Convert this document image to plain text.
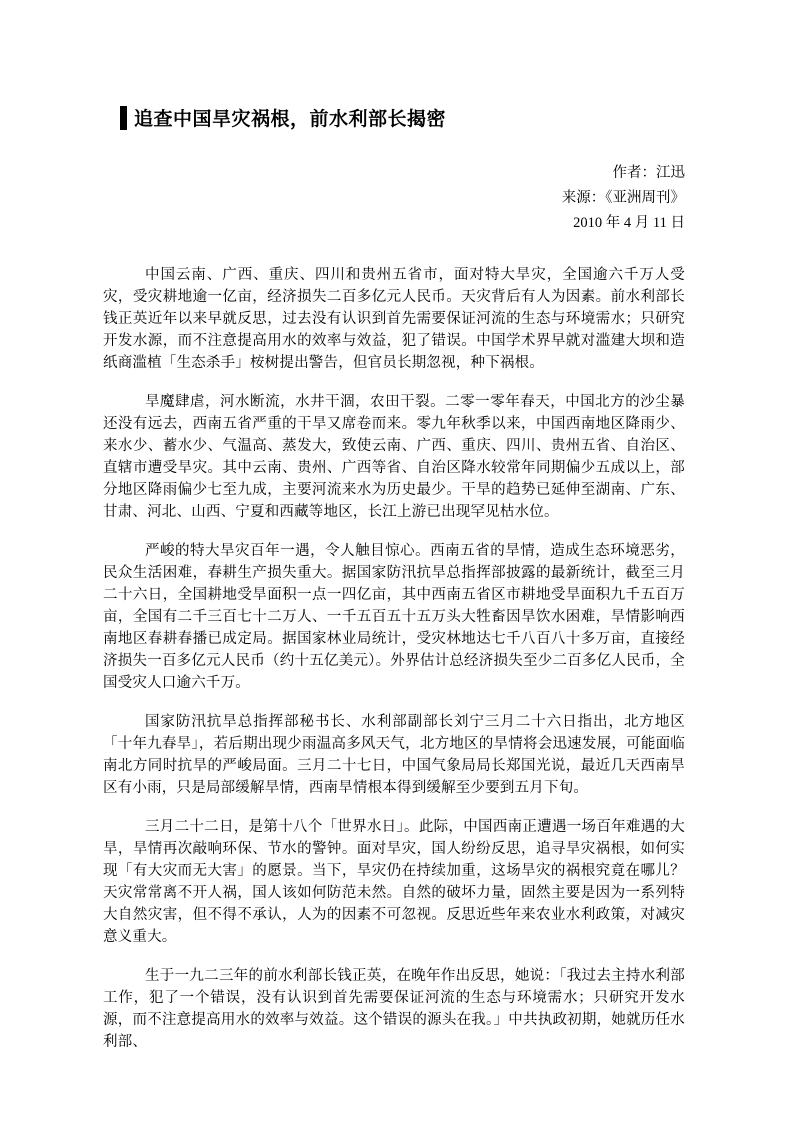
追查中国旱灾祸根，前水利部长揭密
作者：江迅
来源：《亚洲周刊》
2010 年 4 月 11 日

中国云南、广西、重庆、四川和贵州五省市，面对特大旱灾，全国逾六千万人受灾，受灾耕地逾一亿亩，经济损失二百多亿元人民币。天灾背后有人为因素。前水利部长钱正英近年以来早就反思，过去没有认识到首先需要保证河流的生态与环境需水；只研究开发水源，而不注意提高用水的效率与效益，犯了错误。中国学术界早就对滥建大坝和造纸商滥植「生态杀手」桉树提出警告，但官员长期忽视，种下祸根。

旱魔肆虐，河水断流，水井干涸，农田干裂。二零一零年春天，中国北方的沙尘暴还没有远去，西南五省严重的干旱又席卷而来。零九年秋季以来，中国西南地区降雨少、来水少、蓄水少、气温高、蒸发大，致使云南、广西、重庆、四川、贵州五省、自治区、直辖市遭受旱灾。其中云南、贵州、广西等省、自治区降水较常年同期偏少五成以上，部分地区降雨偏少七至九成，主要河流来水为历史最少。干旱的趋势已延伸至湖南、广东、甘肃、河北、山西、宁夏和西藏等地区，长江上游已出现罕见枯水位。

严峻的特大旱灾百年一遇，令人触目惊心。西南五省的旱情，造成生态环境恶劣，民众生活困难，春耕生产损失重大。据国家防汛抗旱总指挥部披露的最新统计，截至三月二十六日，全国耕地受旱面积一点一四亿亩，其中西南五省区市耕地受旱面积九千五百万亩，全国有二千三百七十二万人、一千五百五十五万头大牲畜因旱饮水困难，旱情影响西南地区春耕春播已成定局。据国家林业局统计，受灾林地达七千八百八十多万亩，直接经济损失一百多亿元人民币（约十五亿美元）。外界估计总经济损失至少二百多亿人民币，全国受灾人口逾六千万。

国家防汛抗旱总指挥部秘书长、水利部副部长刘宁三月二十六日指出，北方地区「十年九春旱」，若后期出现少雨温高多风天气，北方地区的旱情将会迅速发展，可能面临南北方同时抗旱的严峻局面。三月二十七日，中国气象局局长郑国光说，最近几天西南旱区有小雨，只是局部缓解旱情，西南旱情根本得到缓解至少要到五月下旬。

三月二十二日，是第十八个「世界水日」。此际，中国西南正遭遇一场百年难遇的大旱，旱情再次敲响环保、节水的警钟。面对旱灾，国人纷纷反思，追寻旱灾祸根，如何实现「有大灾而无大害」的愿景。当下，旱灾仍在持续加重，这场旱灾的祸根究竟在哪儿？天灾常常离不开人祸，国人该如何防范未然。自然的破坏力量，固然主要是因为一系列特大自然灾害，但不得不承认，人为的因素不可忽视。反思近些年来农业水利政策，对减灾意义重大。

生于一九二三年的前水利部长钱正英，在晚年作出反思，她说：「我过去主持水利部工作，犯了一个错误，没有认识到首先需要保证河流的生态与环境需水；只研究开发水源，而不注意提高用水的效率与效益。这个错误的源头在我。」中共执政初期，她就历任水利部、
